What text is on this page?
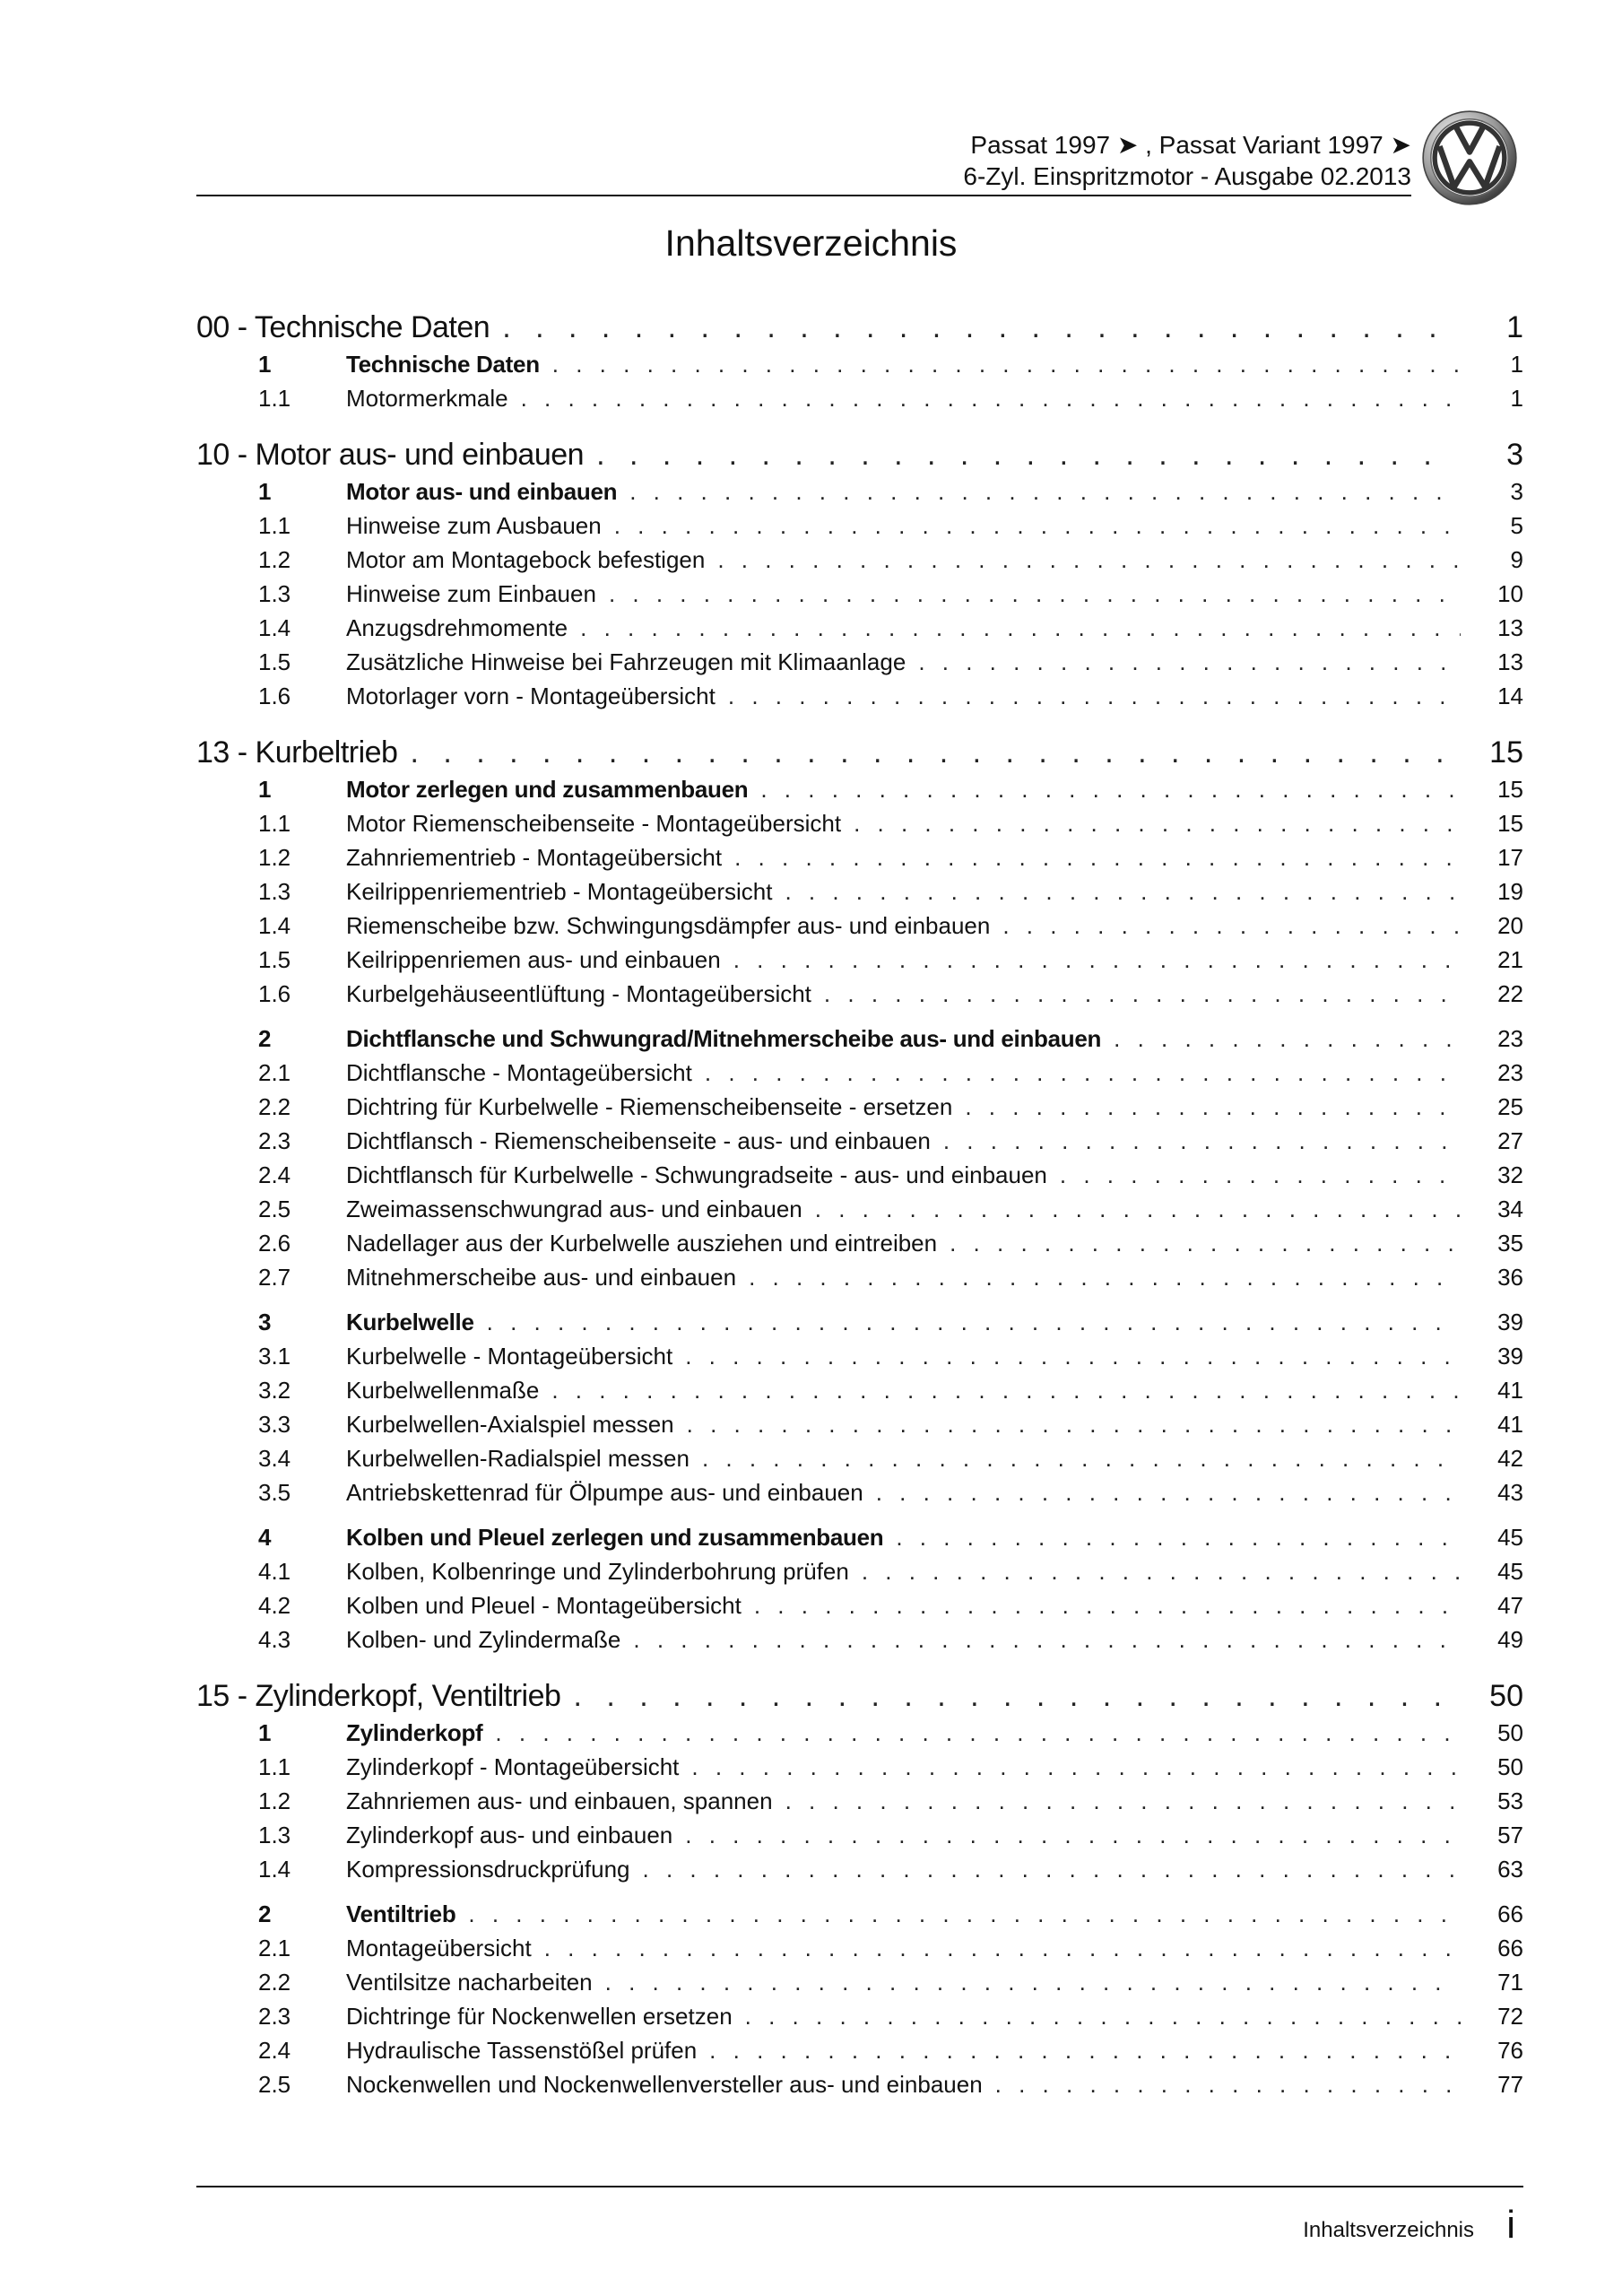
Passat 1997 ➤ , Passat Variant 1997 ➤
6-Zyl. Einspritzmotor - Ausgabe 02.2013
Inhaltsverzeichnis
00 - Technische Daten . . .	1
1	Technische Daten . . .	1
1.1	Motormerkmale . . .	1
10 - Motor aus- und einbauen . . .	3
1	Motor aus- und einbauen . . .	3
1.1	Hinweise zum Ausbauen . . .	5
1.2	Motor am Montagebock befestigen . . .	9
1.3	Hinweise zum Einbauen . . .	10
1.4	Anzugsdrehmomente . . .	13
1.5	Zusätzliche Hinweise bei Fahrzeugen mit Klimaanlage . . .	13
1.6	Motorlager vorn - Montageübersicht . . .	14
13 - Kurbeltrieb . . .	15
1	Motor zerlegen und zusammenbauen . . .	15
1.1	Motor Riemenscheibenseite - Montageübersicht . . .	15
1.2	Zahnriementrieb - Montageübersicht . . .	17
1.3	Keilrippenriementrieb - Montageübersicht . . .	19
1.4	Riemenscheibe bzw. Schwingungsdämpfer aus- und einbauen . . .	20
1.5	Keilrippenriemen aus- und einbauen . . .	21
1.6	Kurbelgehäuseentlüftung - Montageübersicht . . .	22
2	Dichtflansche und Schwungrad/Mitnehmerscheibe aus- und einbauen . . .	23
2.1	Dichtflansche - Montageübersicht . . .	23
2.2	Dichtring für Kurbelwelle - Riemenscheibenseite - ersetzen . . .	25
2.3	Dichtflansch - Riemenscheibenseite - aus- und einbauen . . .	27
2.4	Dichtflansch für Kurbelwelle - Schwungradseite - aus- und einbauen . . .	32
2.5	Zweimassenschwungrad aus- und einbauen . . .	34
2.6	Nadellager aus der Kurbelwelle ausziehen und eintreiben . . .	35
2.7	Mitnehmerscheibe aus- und einbauen . . .	36
3	Kurbelwelle . . .	39
3.1	Kurbelwelle - Montageübersicht . . .	39
3.2	Kurbelwellenmaße . . .	41
3.3	Kurbelwellen-Axialspiel messen . . .	41
3.4	Kurbelwellen-Radialspiel messen . . .	42
3.5	Antriebskettenrad für Ölpumpe aus- und einbauen . . .	43
4	Kolben und Pleuel zerlegen und zusammenbauen . . .	45
4.1	Kolben, Kolbenringe und Zylinderbohrung prüfen . . .	45
4.2	Kolben und Pleuel - Montageübersicht . . .	47
4.3	Kolben- und Zylindermaße . . .	49
15 - Zylinderkopf, Ventiltrieb . . .	50
1	Zylinderkopf . . .	50
1.1	Zylinderkopf - Montageübersicht . . .	50
1.2	Zahnriemen aus- und einbauen, spannen . . .	53
1.3	Zylinderkopf aus- und einbauen . . .	57
1.4	Kompressionsdruckprüfung . . .	63
2	Ventiltrieb . . .	66
2.1	Montageübersicht . . .	66
2.2	Ventilsitze nacharbeiten . . .	71
2.3	Dichtringe für Nockenwellen ersetzen . . .	72
2.4	Hydraulische Tassenstößel prüfen . . .	76
2.5	Nockenwellen und Nockenwellenversteller aus- und einbauen . . .	77
Inhaltsverzeichnis i
